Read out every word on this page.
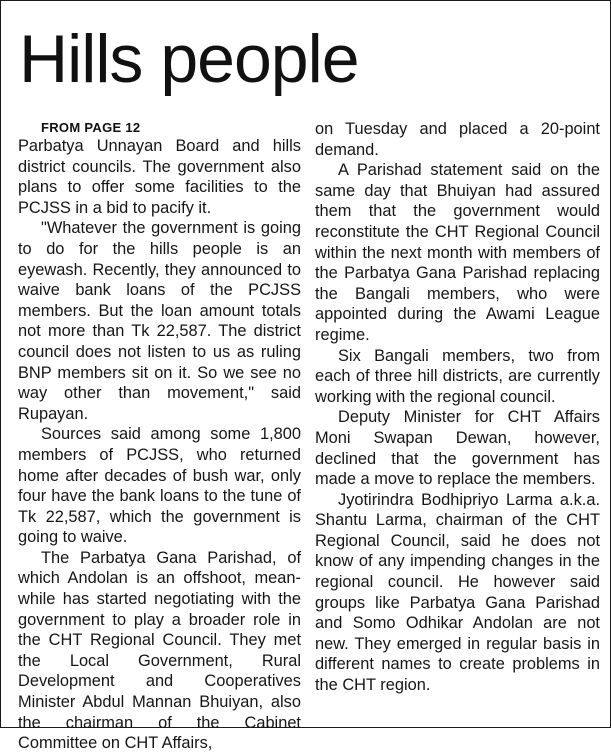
Hills people

FROM PAGE 12

Parbatya Unnayan Board and hills district councils. The government also plans to offer some facilities to the PCJSS in a bid to pacify it.

"Whatever the government is going to do for the hills people is an eyewash. Recently, they announced to waive bank loans of the PCJSS members. But the loan amount totals not more than Tk 22,587. The district council does not listen to us as ruling BNP members sit on it. So we see no way other than movement," said Rupayan.

Sources said among some 1,800 members of PCJSS, who returned home after decades of bush war, only four have the bank loans to the tune of Tk 22,587, which the government is going to waive.

The Parbatya Gana Parishad, of which Andolan is an offshoot, meanwhile has started negotiating with the government to play a broader role in the CHT Regional Council. They met the Local Government, Rural Development and Cooperatives Minister Abdul Mannan Bhuiyan, also the chairman of the Cabinet Committee on CHT Affairs,

on Tuesday and placed a 20-point demand.

A Parishad statement said on the same day that Bhuiyan had assured them that the government would reconstitute the CHT Regional Council within the next month with members of the Parbatya Gana Parishad replacing the Bangali members, who were appointed during the Awami League regime.

Six Bangali members, two from each of three hill districts, are currently working with the regional council.

Deputy Minister for CHT Affairs Moni Swapan Dewan, however, declined that the government has made a move to replace the members.

Jyotirindra Bodhipriyo Larma a.k.a. Shantu Larma, chairman of the CHT Regional Council, said he does not know of any impending changes in the regional council. He however said groups like Parbatya Gana Parishad and Somo Odhikar Andolan are not new. They emerged in regular basis in different names to create problems in the CHT region.
